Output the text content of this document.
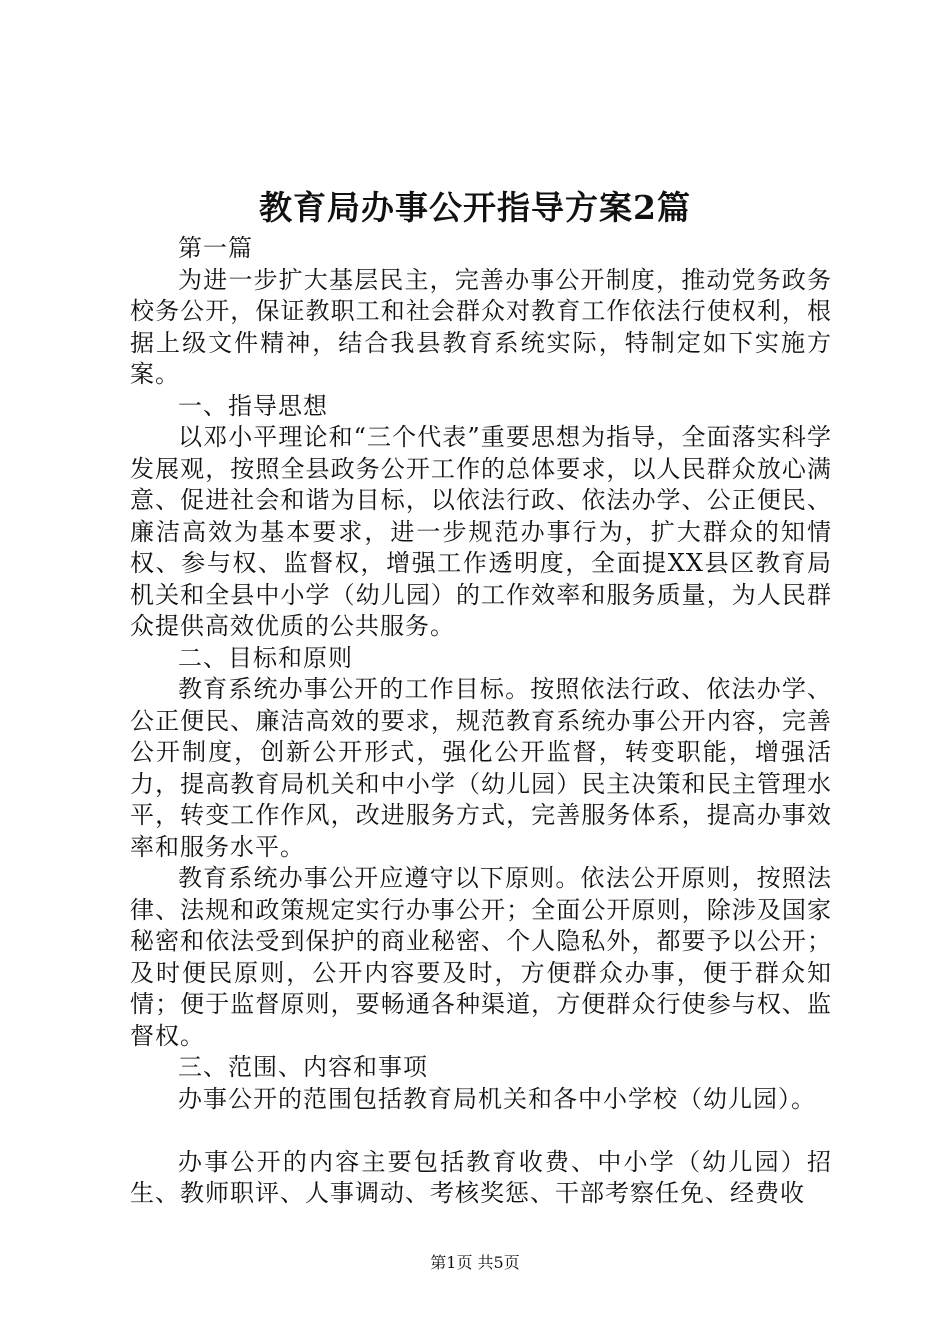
教育局办事公开指导方案2篇

第一篇

为进一步扩大基层民主，完善办事公开制度，推动党务政务校务公开，保证教职工和社会群众对教育工作依法行使权利，根据上级文件精神，结合我县教育系统实际，特制定如下实施方案。

一、指导思想

以邓小平理论和“三个代表”重要思想为指导，全面落实科学发展观，按照全县政务公开工作的总体要求，以人民群众放心满意、促进社会和谐为目标，以依法行政、依法办学、公正便民、廉洁高效为基本要求，进一步规范办事行为，扩大群众的知情权、参与权、监督权，增强工作透明度，全面提XX县区教育局机关和全县中小学（幼儿园）的工作效率和服务质量，为人民群众提供高效优质的公共服务。

二、目标和原则

教育系统办事公开的工作目标。按照依法行政、依法办学、公正便民、廉洁高效的要求，规范教育系统办事公开内容，完善公开制度，创新公开形式，强化公开监督，转变职能，增强活力，提高教育局机关和中小学（幼儿园）民主决策和民主管理水平，转变工作作风，改进服务方式，完善服务体系，提高办事效率和服务水平。

教育系统办事公开应遵守以下原则。依法公开原则，按照法律、法规和政策规定实行办事公开；全面公开原则，除涉及国家秘密和依法受到保护的商业秘密、个人隐私外，都要予以公开；及时便民原则，公开内容要及时，方便群众办事，便于群众知情；便于监督原则，要畅通各种渠道，方便群众行使参与权、监督权。

三、范围、内容和事项

办事公开的范围包括教育局机关和各中小学校（幼儿园）。

办事公开的内容主要包括教育收费、中小学（幼儿园）招生、教师职评、人事调动、考核奖惩、干部考察任免、经费收

第1页 共5页
